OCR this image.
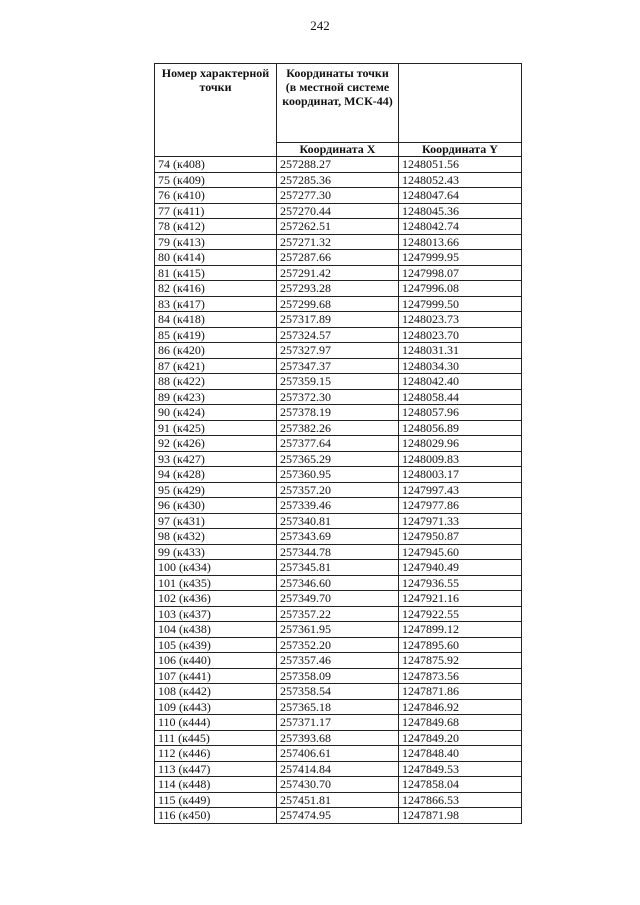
242
Номер характерной точки	Координаты точки (в местной системе координат, МСК-44)	
	Координата X	Координата Y
74 (к408)	257288.27	1248051.56
75 (к409)	257285.36	1248052.43
76 (к410)	257277.30	1248047.64
77 (к411)	257270.44	1248045.36
78 (к412)	257262.51	1248042.74
79 (к413)	257271.32	1248013.66
80 (к414)	257287.66	1247999.95
81 (к415)	257291.42	1247998.07
82 (к416)	257293.28	1247996.08
83 (к417)	257299.68	1247999.50
84 (к418)	257317.89	1248023.73
85 (к419)	257324.57	1248023.70
86 (к420)	257327.97	1248031.31
87 (к421)	257347.37	1248034.30
88 (к422)	257359.15	1248042.40
89 (к423)	257372.30	1248058.44
90 (к424)	257378.19	1248057.96
91 (к425)	257382.26	1248056.89
92 (к426)	257377.64	1248029.96
93 (к427)	257365.29	1248009.83
94 (к428)	257360.95	1248003.17
95 (к429)	257357.20	1247997.43
96 (к430)	257339.46	1247977.86
97 (к431)	257340.81	1247971.33
98 (к432)	257343.69	1247950.87
99 (к433)	257344.78	1247945.60
100 (к434)	257345.81	1247940.49
101 (к435)	257346.60	1247936.55
102 (к436)	257349.70	1247921.16
103 (к437)	257357.22	1247922.55
104 (к438)	257361.95	1247899.12
105 (к439)	257352.20	1247895.60
106 (к440)	257357.46	1247875.92
107 (к441)	257358.09	1247873.56
108 (к442)	257358.54	1247871.86
109 (к443)	257365.18	1247846.92
110 (к444)	257371.17	1247849.68
111 (к445)	257393.68	1247849.20
112 (к446)	257406.61	1247848.40
113 (к447)	257414.84	1247849.53
114 (к448)	257430.70	1247858.04
115 (к449)	257451.81	1247866.53
116 (к450)	257474.95	1247871.98
